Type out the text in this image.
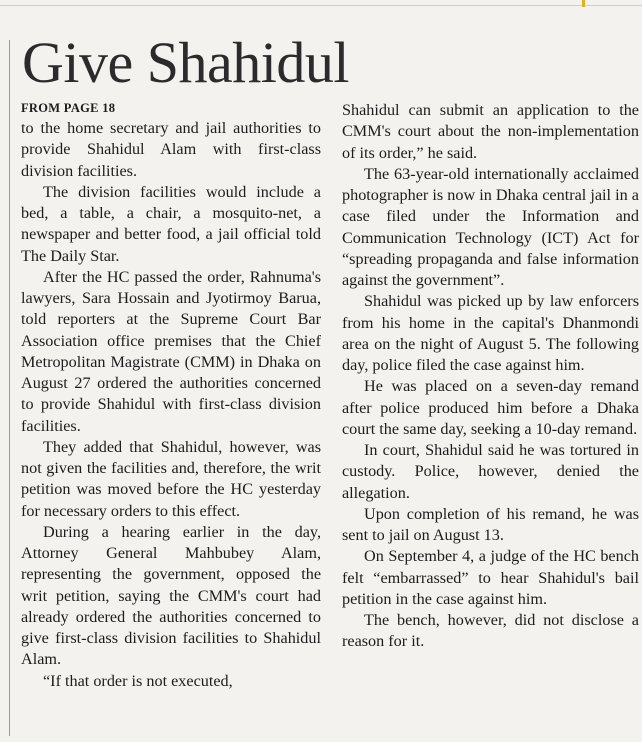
Give Shahidul
FROM PAGE 18

to the home secretary and jail authorities to provide Shahidul Alam with first-class division facilities.

The division facilities would include a bed, a table, a chair, a mosquito-net, a newspaper and better food, a jail official told The Daily Star.

After the HC passed the order, Rahnuma's lawyers, Sara Hossain and Jyotirmoy Barua, told reporters at the Supreme Court Bar Association office premises that the Chief Metropolitan Magistrate (CMM) in Dhaka on August 27 ordered the authorities concerned to provide Shahidul with first-class division facilities.

They added that Shahidul, however, was not given the facilities and, therefore, the writ petition was moved before the HC yesterday for necessary orders to this effect.

During a hearing earlier in the day, Attorney General Mahbubey Alam, representing the government, opposed the writ petition, saying the CMM's court had already ordered the authorities concerned to give first-class division facilities to Shahidul Alam.

“If that order is not executed,

Shahidul can submit an application to the CMM's court about the non-implementation of its order,” he said.

The 63-year-old internationally acclaimed photographer is now in Dhaka central jail in a case filed under the Information and Communication Technology (ICT) Act for “spreading propaganda and false information against the government”.

Shahidul was picked up by law enforcers from his home in the capital's Dhanmondi area on the night of August 5. The following day, police filed the case against him.

He was placed on a seven-day remand after police produced him before a Dhaka court the same day, seeking a 10-day remand.

In court, Shahidul said he was tortured in custody. Police, however, denied the allegation.

Upon completion of his remand, he was sent to jail on August 13.

On September 4, a judge of the HC bench felt “embarrassed” to hear Shahidul's bail petition in the case against him.

The bench, however, did not disclose a reason for it.
